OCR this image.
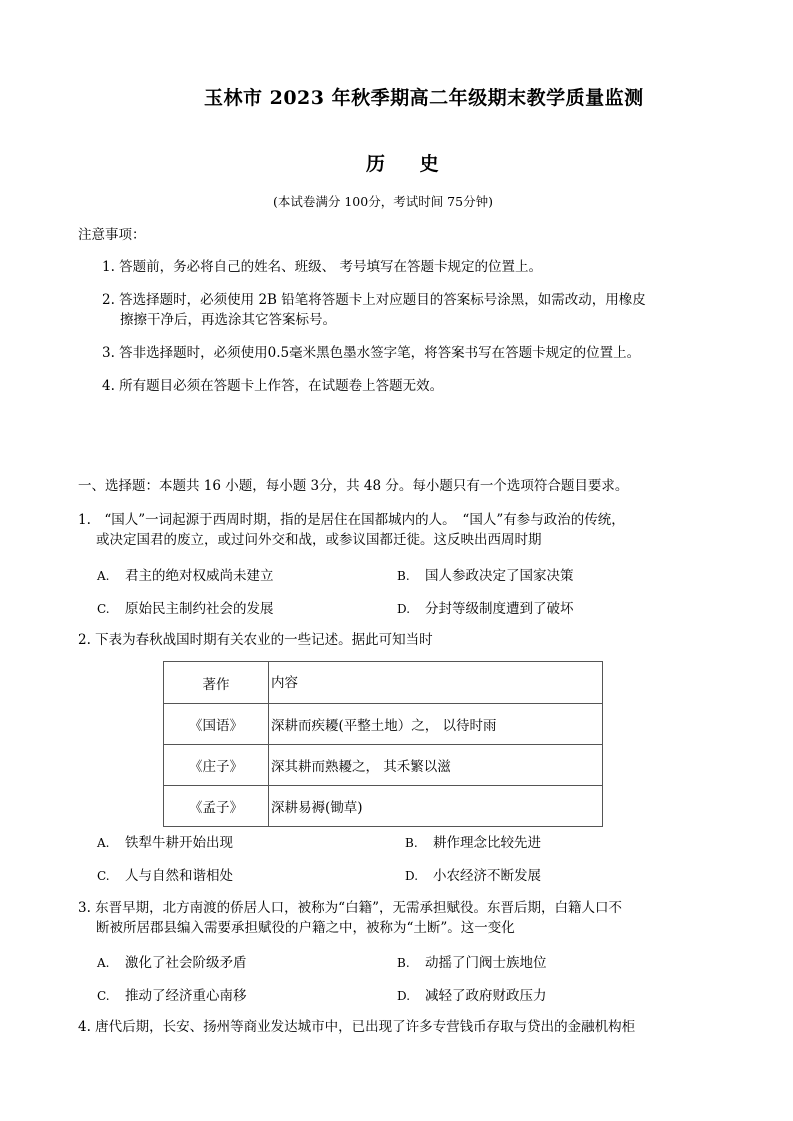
玉林市 2023 年秋季期高二年级期末教学质量监测
历 史
(本试卷满分 100分，考试时间 75分钟)
注意事项：
1. 答题前，务必将自己的姓名、班级、 考号填写在答题卡规定的位置上。
2. 答选择题时，必须使用 2B 铅笔将答题卡上对应题目的答案标号涂黑，如需改动，用橡皮
擦擦干净后，再选涂其它答案标号。
3. 答非选择题时，必须使用0.5毫米黑色墨水签字笔，将答案书写在答题卡规定的位置上。
4. 所有题目必须在答题卡上作答，在试题卷上答题无效。
一、选择题：本题共 16 小题，每小题 3分，共 48 分。每小题只有一个选项符合题目要求。
1.　“国人”一词起源于西周时期，指的是居住在国都城内的人。　“国人”有参与政治的传统，
或决定国君的废立，或过问外交和战，或参议国都迁徙。这反映出西周时期
A. 君主的绝对权威尚未建立	B. 国人参政决定了国家决策
C. 原始民主制约社会的发展	D. 分封等级制度遭到了破坏
2. 下表为春秋战国时期有关农业的一些记述。据此可知当时
著作	内容
《国语》	深耕而疾耰(平整土地）之， 以待时雨
《庄子》	深其耕而熟耰之， 其禾繁以滋
《孟子》	深耕易褥(锄草)
A. 铁犁牛耕开始出现	B. 耕作理念比较先进
C. 人与自然和谐相处	D. 小农经济不断发展
3. 东晋早期，北方南渡的侨居人口，被称为“白籍”，无需承担赋役。东晋后期，白籍人口不
断被所居郡县编入需要承担赋役的户籍之中，被称为“土断”。这一变化
A. 激化了社会阶级矛盾	B. 动摇了门阀士族地位
C. 推动了经济重心南移	D. 减轻了政府财政压力
4. 唐代后期，长安、扬州等商业发达城市中，已出现了许多专营钱币存取与贷出的金融机构柜
